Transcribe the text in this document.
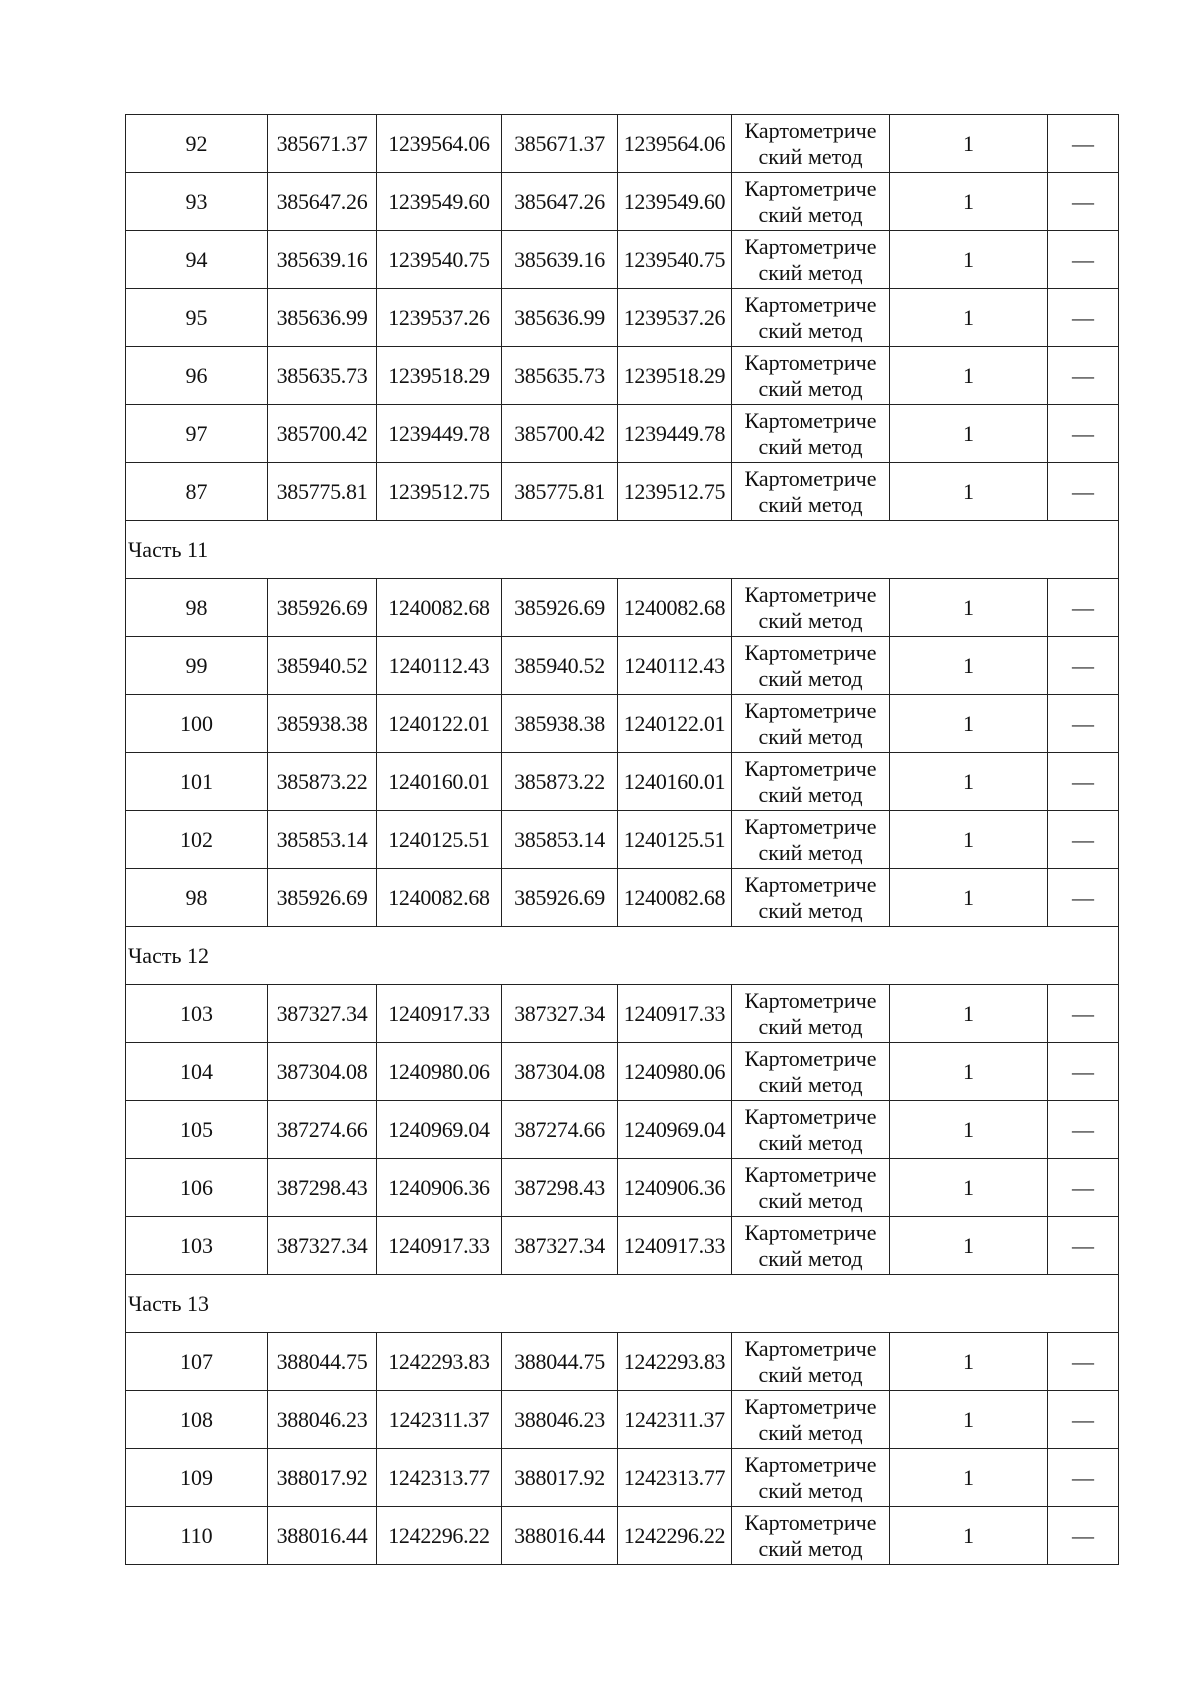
92	385671.37	1239564.06	385671.37	1239564.06	Картометриче
ский метод	1	—
93	385647.26	1239549.60	385647.26	1239549.60	Картометриче
ский метод	1	—
94	385639.16	1239540.75	385639.16	1239540.75	Картометриче
ский метод	1	—
95	385636.99	1239537.26	385636.99	1239537.26	Картометриче
ский метод	1	—
96	385635.73	1239518.29	385635.73	1239518.29	Картометриче
ский метод	1	—
97	385700.42	1239449.78	385700.42	1239449.78	Картометриче
ский метод	1	—
87	385775.81	1239512.75	385775.81	1239512.75	Картометриче
ский метод	1	—
Часть 11							
98	385926.69	1240082.68	385926.69	1240082.68	Картометриче
ский метод	1	—
99	385940.52	1240112.43	385940.52	1240112.43	Картометриче
ский метод	1	—
100	385938.38	1240122.01	385938.38	1240122.01	Картометриче
ский метод	1	—
101	385873.22	1240160.01	385873.22	1240160.01	Картометриче
ский метод	1	—
102	385853.14	1240125.51	385853.14	1240125.51	Картометриче
ский метод	1	—
98	385926.69	1240082.68	385926.69	1240082.68	Картометриче
ский метод	1	—
Часть 12							
103	387327.34	1240917.33	387327.34	1240917.33	Картометриче
ский метод	1	—
104	387304.08	1240980.06	387304.08	1240980.06	Картометриче
ский метод	1	—
105	387274.66	1240969.04	387274.66	1240969.04	Картометриче
ский метод	1	—
106	387298.43	1240906.36	387298.43	1240906.36	Картометриче
ский метод	1	—
103	387327.34	1240917.33	387327.34	1240917.33	Картометриче
ский метод	1	—
Часть 13							
107	388044.75	1242293.83	388044.75	1242293.83	Картометриче
ский метод	1	—
108	388046.23	1242311.37	388046.23	1242311.37	Картометриче
ский метод	1	—
109	388017.92	1242313.77	388017.92	1242313.77	Картометриче
ский метод	1	—
110	388016.44	1242296.22	388016.44	1242296.22	Картометриче
ский метод	1	—
